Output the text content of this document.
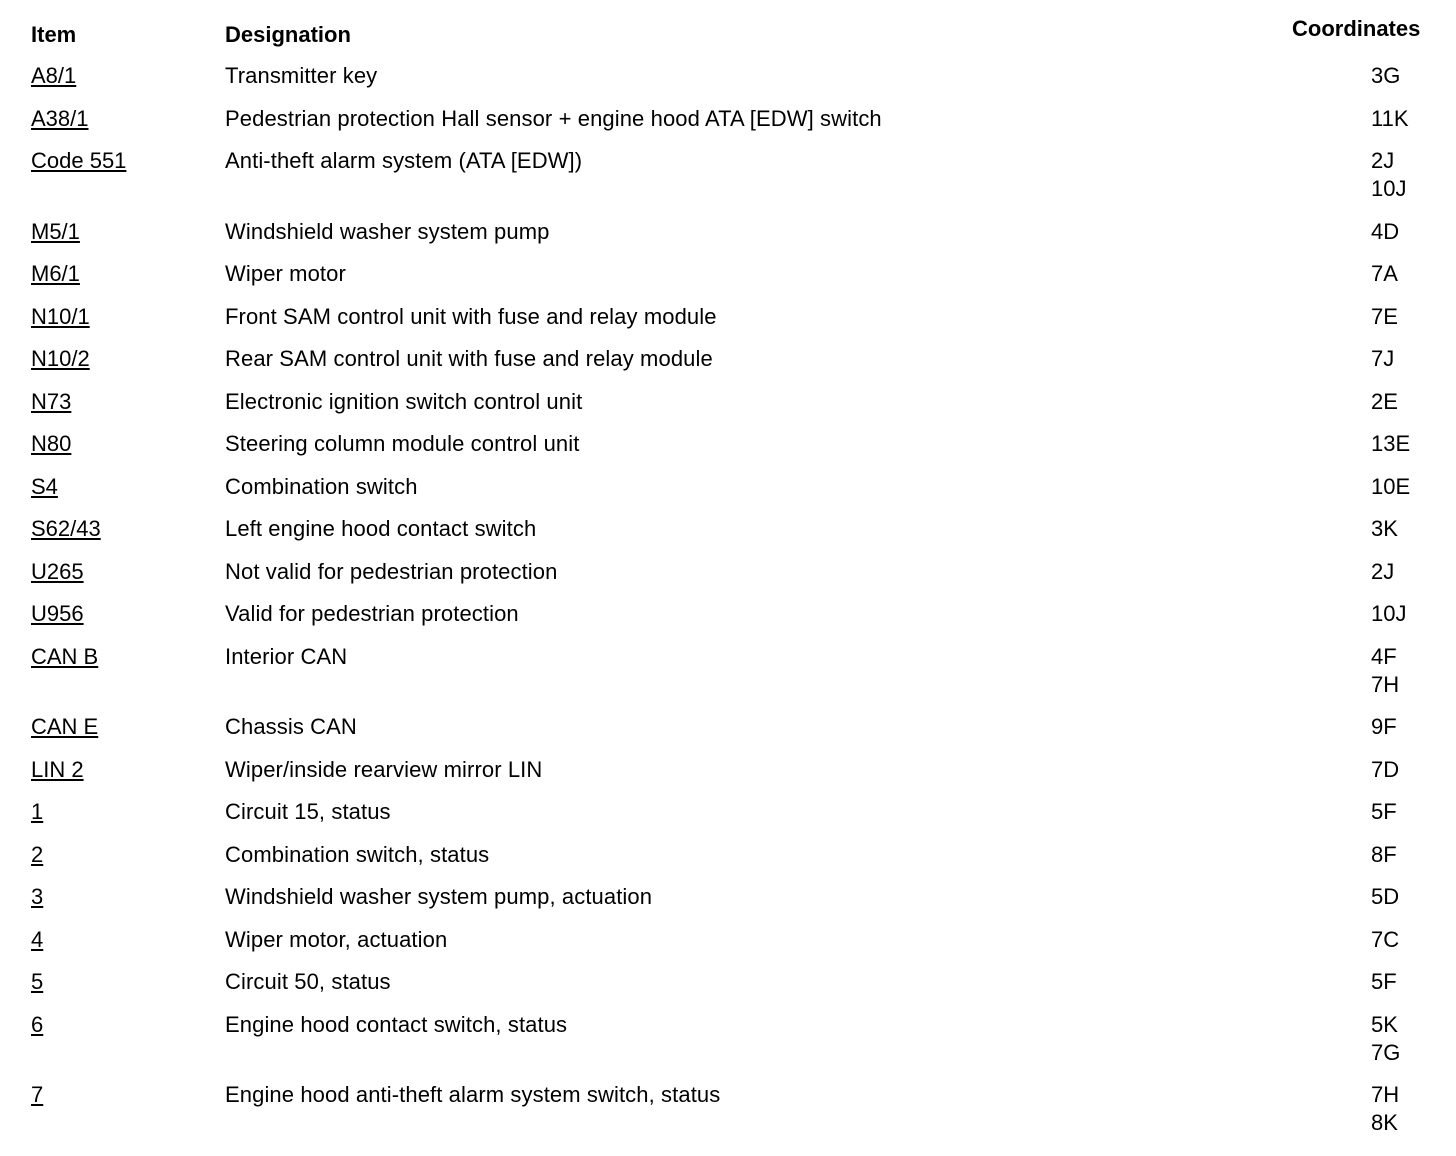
Item	Designation	Coordinates
A8/1	Transmitter key	3G
A38/1	Pedestrian protection Hall sensor + engine hood ATA [EDW] switch	11K
Code 551	Anti-theft alarm system (ATA [EDW])	2J
10J
M5/1	Windshield washer system pump	4D
M6/1	Wiper motor	7A
N10/1	Front SAM control unit with fuse and relay module	7E
N10/2	Rear SAM control unit with fuse and relay module	7J
N73	Electronic ignition switch control unit	2E
N80	Steering column module control unit	13E
S4	Combination switch	10E
S62/43	Left engine hood contact switch	3K
U265	Not valid for pedestrian protection	2J
U956	Valid for pedestrian protection	10J
CAN B	Interior CAN	4F
7H
CAN E	Chassis CAN	9F
LIN 2	Wiper/inside rearview mirror LIN	7D
1	Circuit 15, status	5F
2	Combination switch, status	8F
3	Windshield washer system pump, actuation	5D
4	Wiper motor, actuation	7C
5	Circuit 50, status	5F
6	Engine hood contact switch, status	5K
7G
7	Engine hood anti-theft alarm system switch, status	7H
8K
